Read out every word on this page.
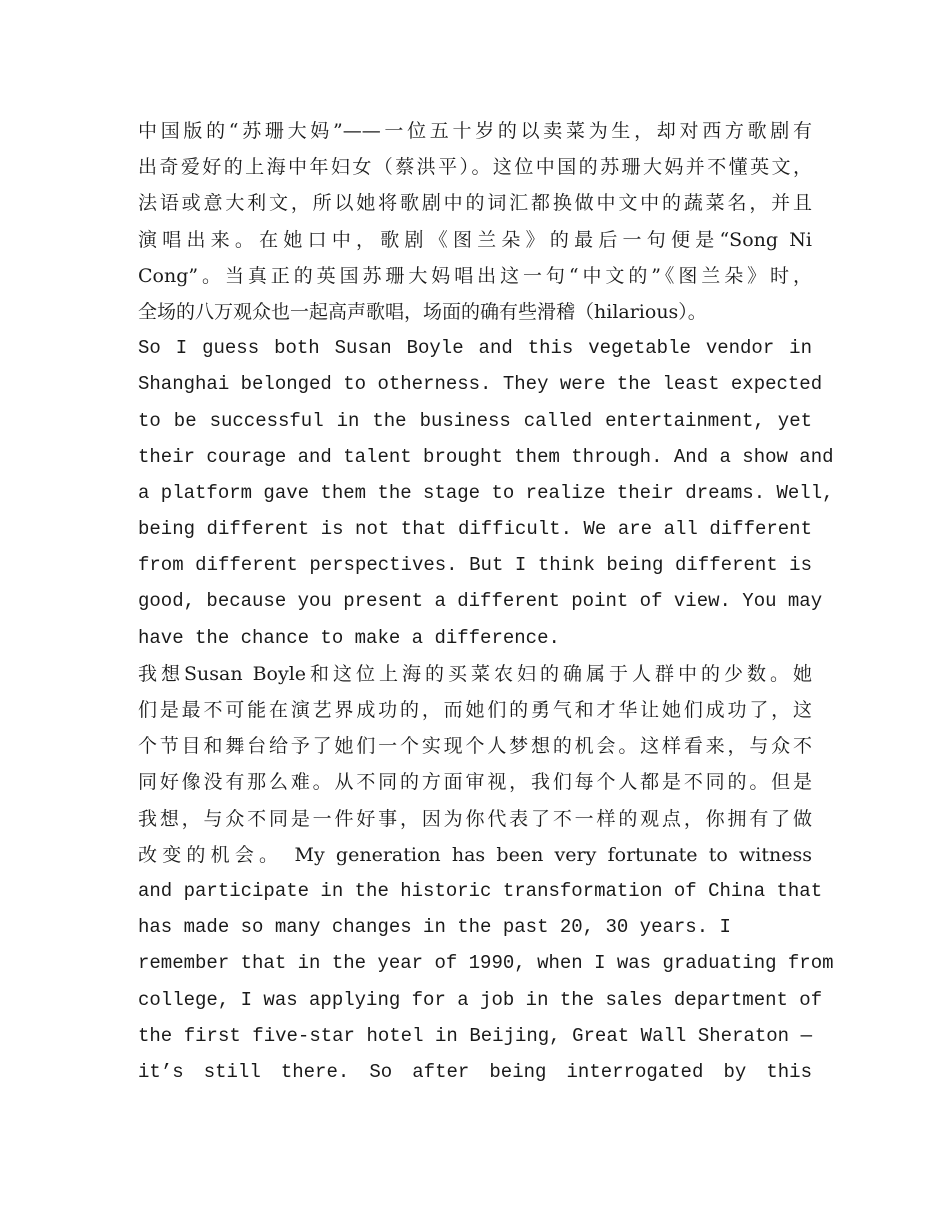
中国版的“苏珊大妈”——一位五十岁的以卖菜为生，却对西方歌剧有
出奇爱好的上海中年妇女（蔡洪平）。这位中国的苏珊大妈并不懂英文，
法语或意大利文，所以她将歌剧中的词汇都换做中文中的蔬菜名，并且
演唱出来。在她口中，歌剧《图兰朵》的最后一句便是“Song Ni
Cong”。当真正的英国苏珊大妈唱出这一句“中文的”《图兰朵》时，
全场的八万观众也一起高声歌唱，场面的确有些滑稽（hilarious）。
So I guess both Susan Boyle and this vegetable vendor in
Shanghai belonged to otherness. They were the least expected
to be successful in the business called entertainment, yet
their courage and talent brought them through. And a show and
a platform gave them the stage to realize their dreams. Well,
being different is not that difficult. We are all different
from different perspectives. But I think being different is
good, because you present a different point of view. You may
have the chance to make a difference.
我想Susan Boyle和这位上海的买菜农妇的确属于人群中的少数。她
们是最不可能在演艺界成功的，而她们的勇气和才华让她们成功了，这
个节目和舞台给予了她们一个实现个人梦想的机会。这样看来，与众不
同好像没有那么难。从不同的方面审视，我们每个人都是不同的。但是
我想，与众不同是一件好事，因为你代表了不一样的观点，你拥有了做
改变的机会。 My generation has been very fortunate to witness
and participate in the historic transformation of China that
has made so many changes in the past 20, 30 years. I
remember that in the year of 1990, when I was graduating from
college, I was applying for a job in the sales department of
the first five-star hotel in Beijing, Great Wall Sheraton —
it’s still there. So after being interrogated by this
